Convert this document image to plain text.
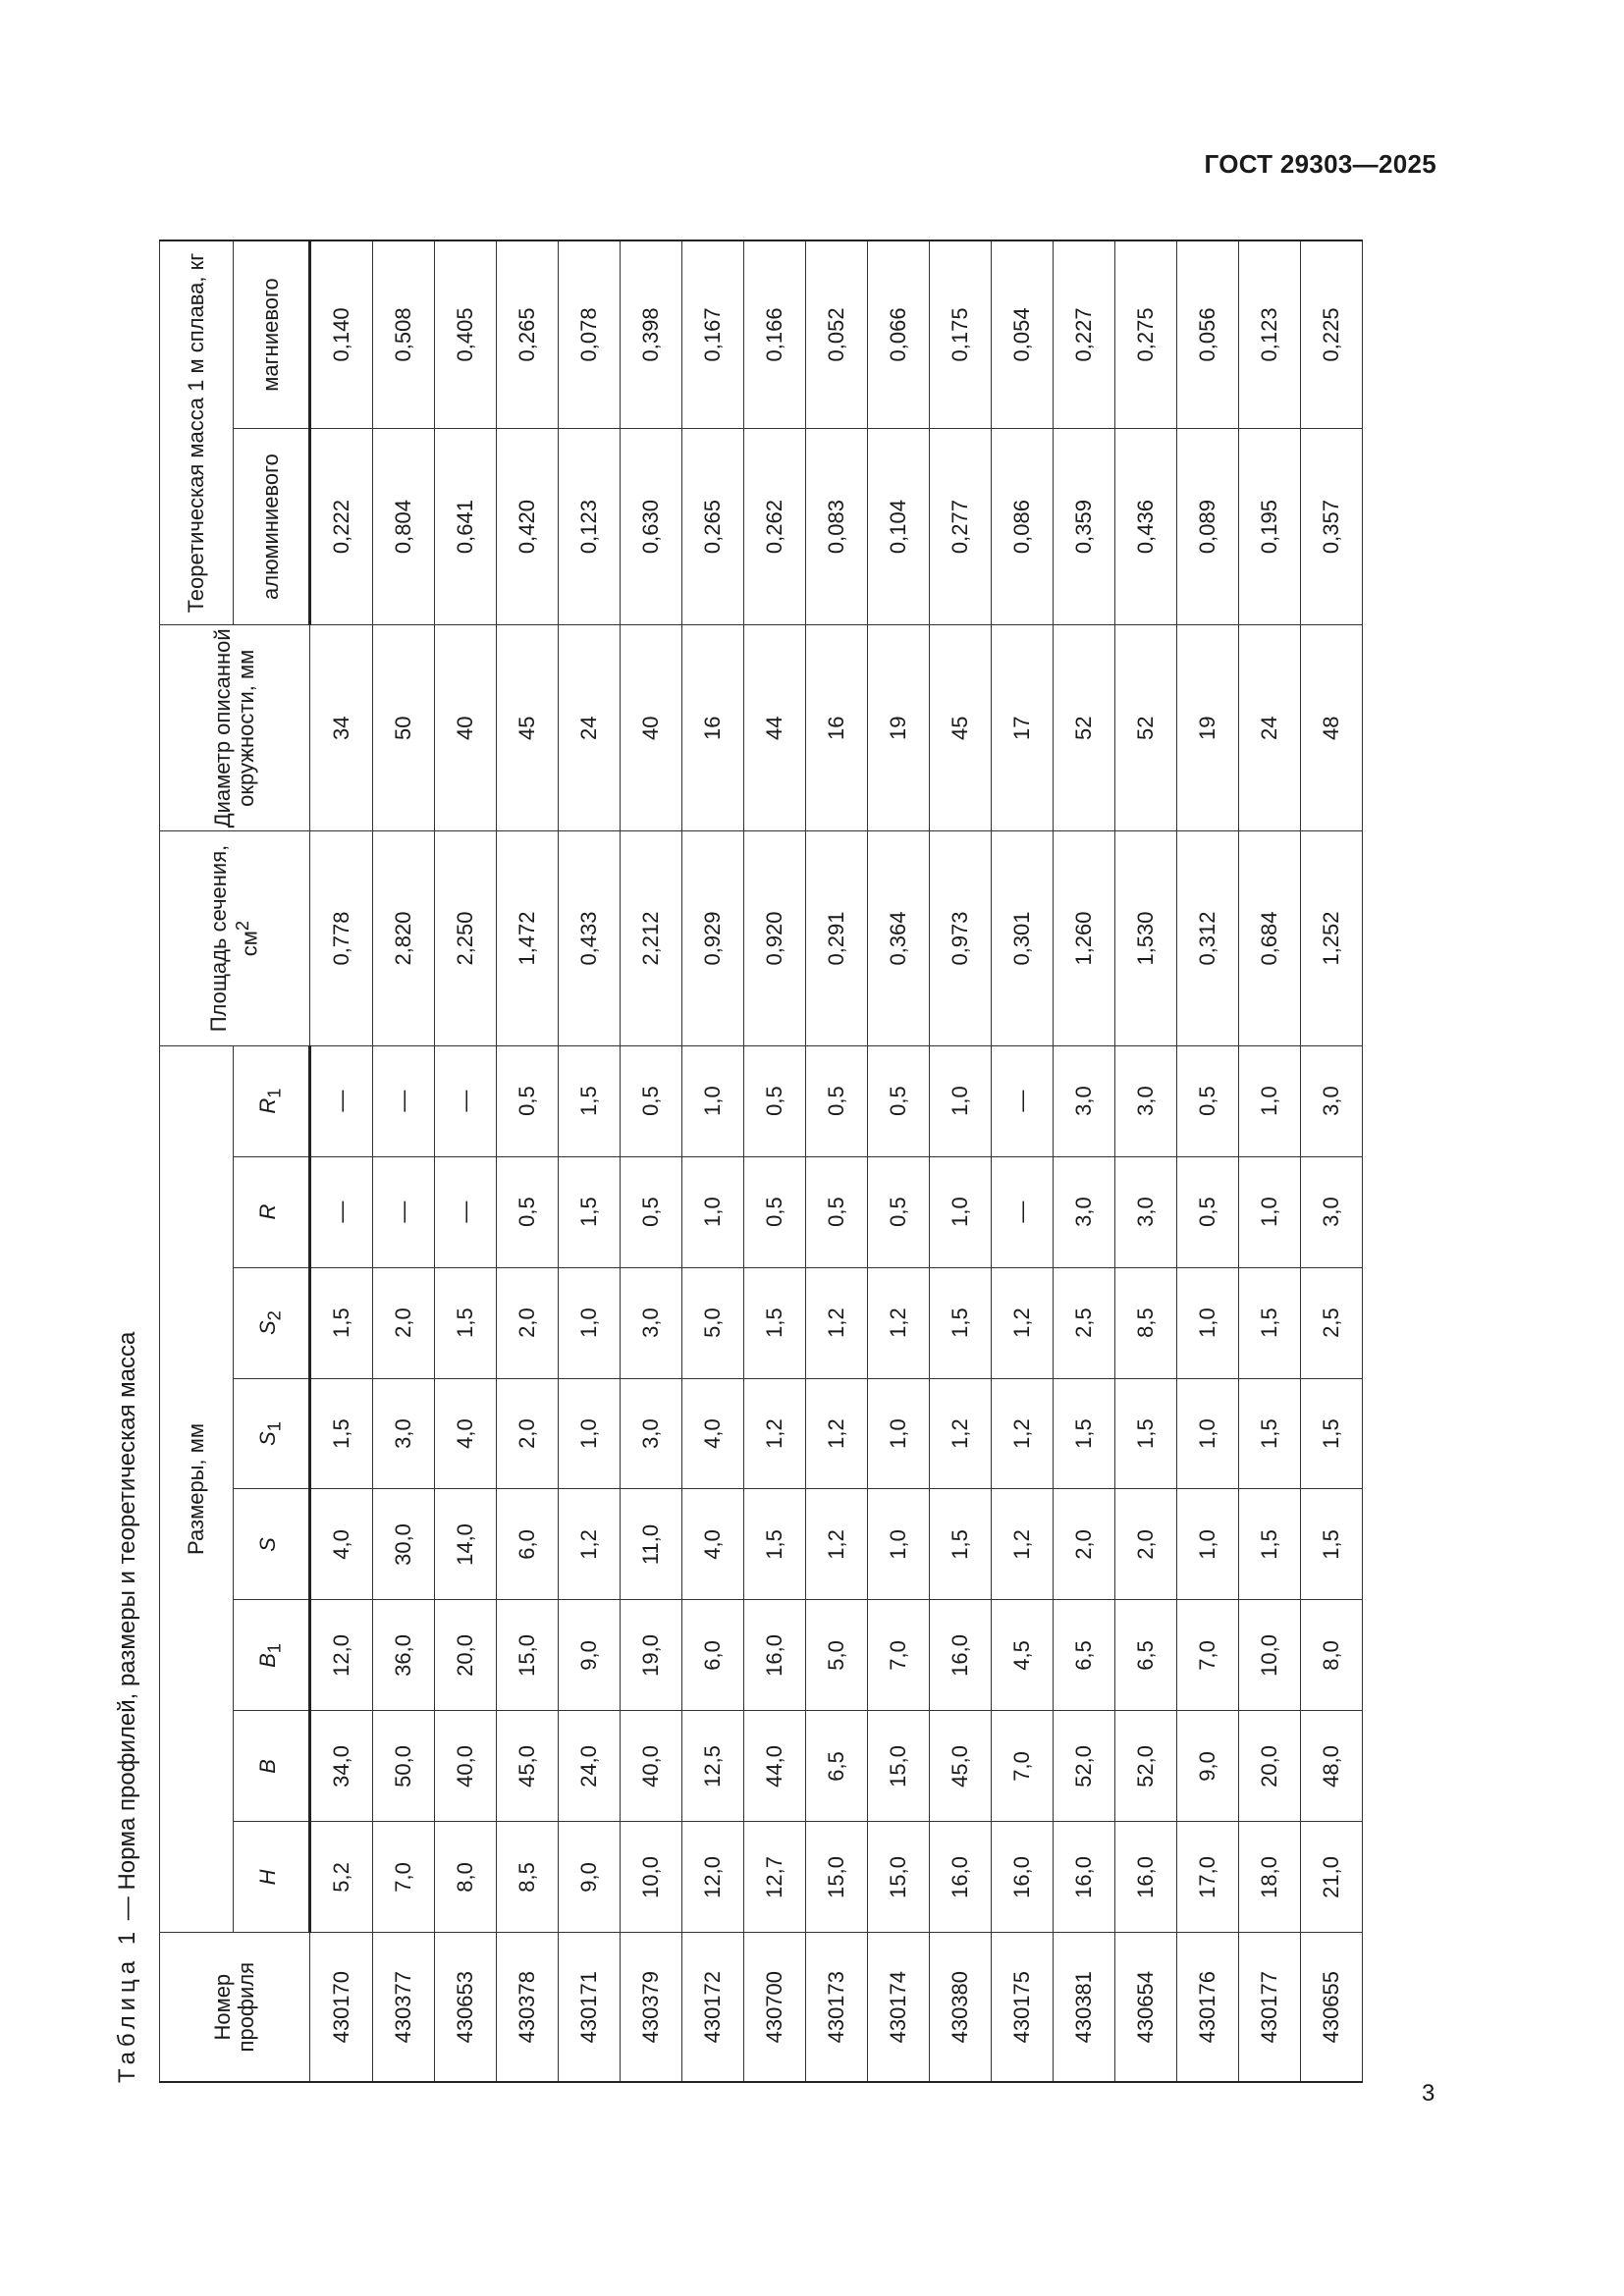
ГОСТ 29303—2025
Таблица 1 — Норма профилей, размеры и теоретическая масса
Номер профиля	Размеры, мм								Площадь сечения, $см^2$	Диаметр описанной окружности, мм	Теоретическая масса 1 м сплава, кг	
	H	B	$B_1$	S	$S_1$	$S_2$	R	$R_1$			алюминиевого	магниевого
430170	5,2	34,0	12,0	4,0	1,5	1,5	—	—	0,778	34	0,222	0,140
430377	7,0	50,0	36,0	30,0	3,0	2,0	—	—	2,820	50	0,804	0,508
430653	8,0	40,0	20,0	14,0	4,0	1,5	—	—	2,250	40	0,641	0,405
430378	8,5	45,0	15,0	6,0	2,0	2,0	0,5	0,5	1,472	45	0,420	0,265
430171	9,0	24,0	9,0	1,2	1,0	1,0	1,5	1,5	0,433	24	0,123	0,078
430379	10,0	40,0	19,0	11,0	3,0	3,0	0,5	0,5	2,212	40	0,630	0,398
430172	12,0	12,5	6,0	4,0	4,0	5,0	1,0	1,0	0,929	16	0,265	0,167
430700	12,7	44,0	16,0	1,5	1,2	1,5	0,5	0,5	0,920	44	0,262	0,166
430173	15,0	6,5	5,0	1,2	1,2	1,2	0,5	0,5	0,291	16	0,083	0,052
430174	15,0	15,0	7,0	1,0	1,0	1,2	0,5	0,5	0,364	19	0,104	0,066
430380	16,0	45,0	16,0	1,5	1,2	1,5	1,0	1,0	0,973	45	0,277	0,175
430175	16,0	7,0	4,5	1,2	1,2	1,2	—	—	0,301	17	0,086	0,054
430381	16,0	52,0	6,5	2,0	1,5	2,5	3,0	3,0	1,260	52	0,359	0,227
430654	16,0	52,0	6,5	2,0	1,5	8,5	3,0	3,0	1,530	52	0,436	0,275
430176	17,0	9,0	7,0	1,0	1,0	1,0	0,5	0,5	0,312	19	0,089	0,056
430177	18,0	20,0	10,0	1,5	1,5	1,5	1,0	1,0	0,684	24	0,195	0,123
430655	21,0	48,0	8,0	1,5	1,5	2,5	3,0	3,0	1,252	48	0,357	0,225
3
